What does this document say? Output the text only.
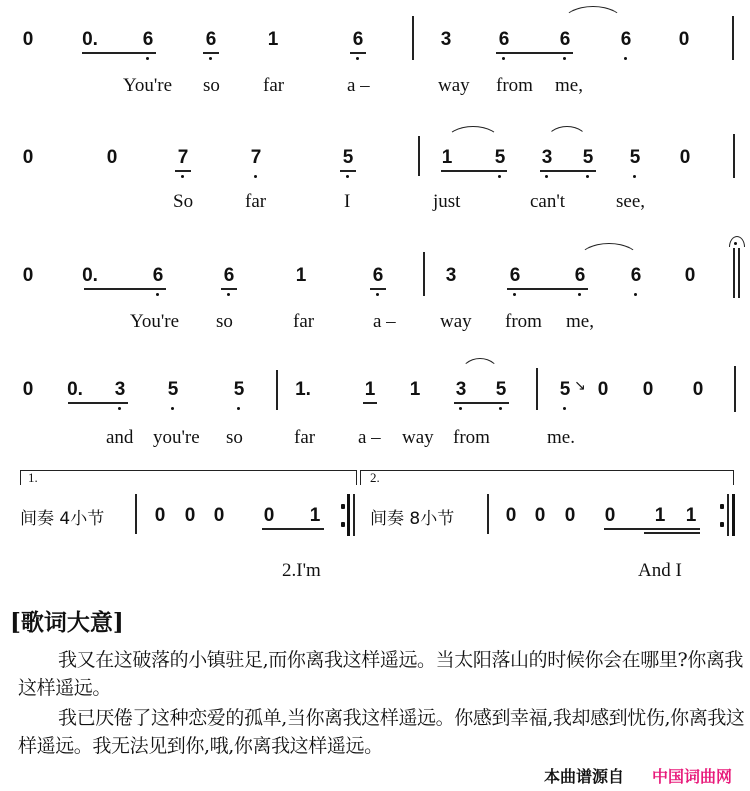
0	0. 6	6	1	6	3 6	6	6 0
You're so far	a –	way from me,
0	0	7	7	5	1 5 3 5 5 0
So	far	I	just	can't	see,
0	0.	6	6	1	6	3	6	6 6 0
You're so	far	a – way from me,
0 0. 3 5	5	1.	1 1 3 5	5 ↘ 0 0 0
and you're so	far a – way from	me.
1.
间奏 4小节	0 0 0 0 1
2.I'm
2.
间奏 8小节	0 0 0 0 1 1
And I
[歌词大意]
我又在这破落的小镇驻足,而你离我这样遥远。当太阳落山的时候你会在哪里?你离我这样遥远。
我已厌倦了这种恋爱的孤单,当你离我这样遥远。你感到幸福,我却感到忧伤,你离我这样遥远。我无法见到你,哦,你离我这样遥远。
本曲谱源自 中国词曲网
